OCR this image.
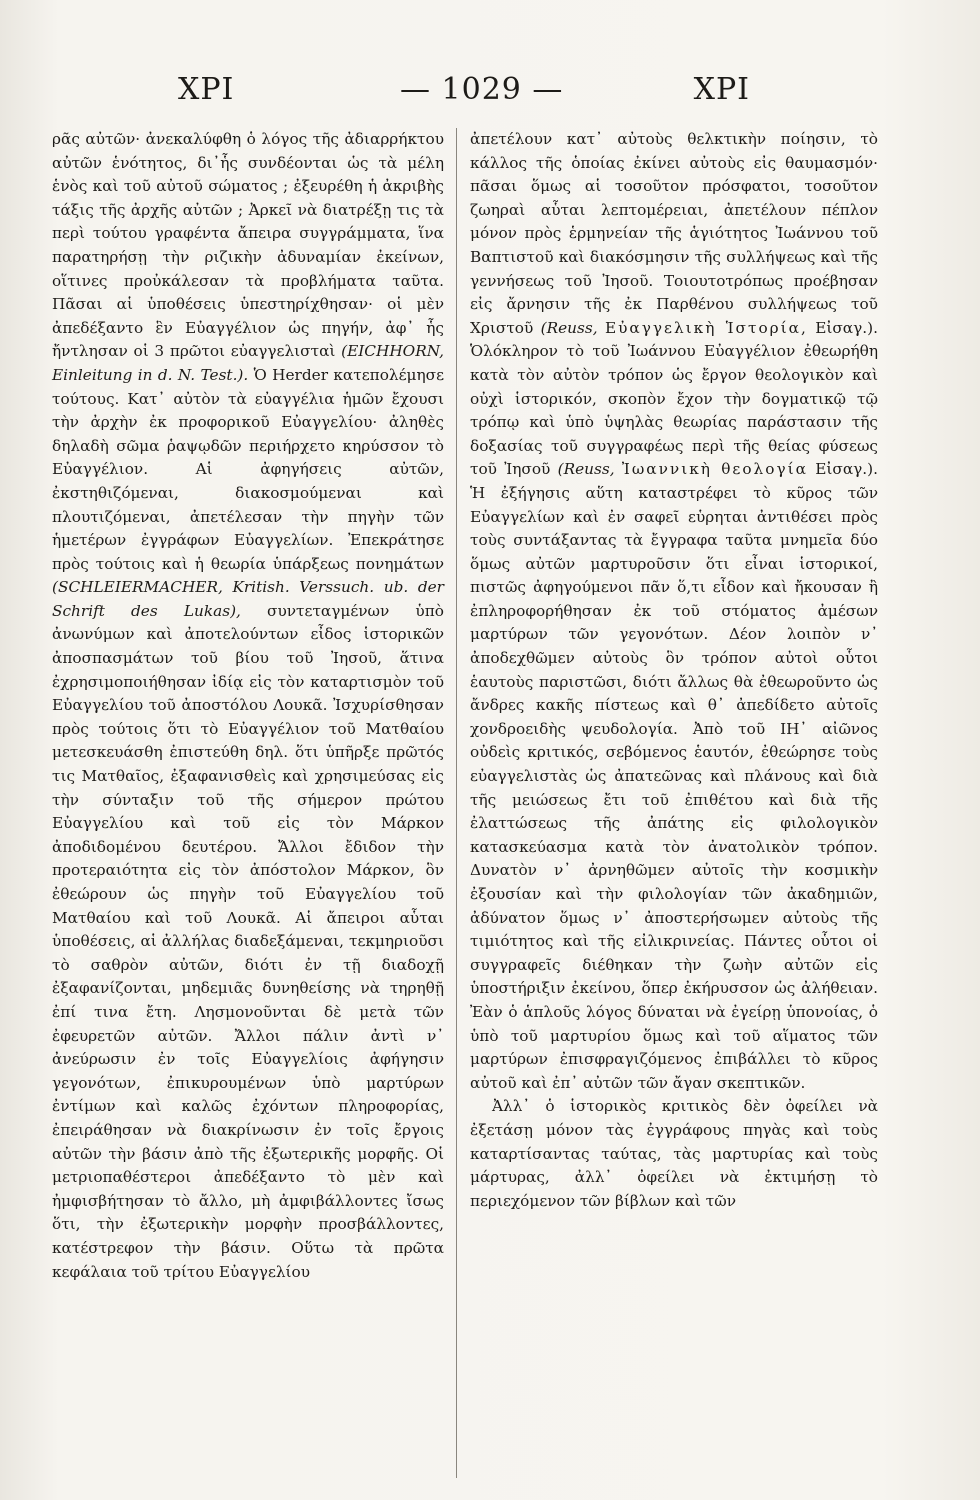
ΧΡΙ	— 1029 —	ΧΡΙ

ρᾶς αὐτῶν· ἀνεκαλύφθη ὁ λόγος τῆς ἀδιαρρήκτου αὐτῶν ἑνότητος, δι᾽ἧς συνδέονται ὡς τὰ μέλη ἑνὸς καὶ τοῦ αὐτοῦ σώματος ; ἐξευρέθη ἡ ἀκριβὴς τάξις τῆς ἀρχῆς αὐτῶν ; Ἀρκεῖ νὰ διατρέξῃ τις τὰ περὶ τούτου γραφέντα ἄπειρα συγγράμματα, ἵνα παρατηρήσῃ τὴν ριζικὴν ἀδυναμίαν ἐκείνων, οἵτινες προὐκάλεσαν τὰ προβλήματα ταῦτα. Πᾶσαι αἱ ὑποθέσεις ὑπεστηρίχθησαν· οἱ μὲν ἀπεδέξαντο ἓν Εὐαγγέλιον ὡς πηγήν, ἀφ᾽ ἧς ἤντλησαν οἱ 3 πρῶτοι εὐαγγελισταὶ (EICHHORN, Einleitung in d. N. Test.). Ὁ Herder κατεπολέμησε τούτους. Κατ᾽ αὐτὸν τὰ εὐαγγέλια ἡμῶν ἔχουσι τὴν ἀρχὴν ἐκ προφορικοῦ Εὐαγγελίου· ἀληθὲς δηλαδὴ σῶμα ῥαψῳδῶν περιήρχετο κηρύσσον τὸ Εὐαγγέλιον. Αἱ ἀφηγήσεις αὐτῶν, ἐκστηθιζόμεναι, διακοσμούμεναι καὶ πλουτιζόμεναι, ἀπετέλεσαν τὴν πηγὴν τῶν ἡμετέρων ἐγγράφων Εὐαγγελίων. Ἐπεκράτησε πρὸς τούτοις καὶ ἡ θεωρία ὑπάρξεως πονημάτων (SCHLEIERMACHER, Kritish. Verssuch. ub. der Schrift des Lukas), συντεταγμένων ὑπὸ ἀνωνύμων καὶ ἀποτελούντων εἶδος ἱστορικῶν ἀποσπασμάτων τοῦ βίου τοῦ Ἰησοῦ, ἅτινα ἐχρησιμοποιήθησαν ἰδίᾳ εἰς τὸν καταρτισμὸν τοῦ Εὐαγγελίου τοῦ ἀποστόλου Λουκᾶ. Ἰσχυρίσθησαν πρὸς τούτοις ὅτι τὸ Εὐαγγέλιον τοῦ Ματθαίου μετεσκευάσθη ἐπιστεύθη δηλ. ὅτι ὑπῆρξε πρῶτός τις Ματθαῖος, ἐξαφανισθεὶς καὶ χρησιμεύσας εἰς τὴν σύνταξιν τοῦ τῆς σήμερον πρώτου Εὐαγγελίου καὶ τοῦ εἰς τὸν Μάρκον ἀποδιδομένου δευτέρου. Ἄλλοι ἔδιδον τὴν προτεραιότητα εἰς τὸν ἀπόστολον Μάρκον, ὃν ἐθεώρουν ὡς πηγὴν τοῦ Εὐαγγελίου τοῦ Ματθαίου καὶ τοῦ Λουκᾶ. Αἱ ἄπειροι αὗται ὑποθέσεις, αἱ ἀλλήλας διαδεξάμεναι, τεκμηριοῦσι τὸ σαθρὸν αὐτῶν, διότι ἐν τῇ διαδοχῇ ἐξαφανίζονται, μηδεμιᾶς δυνηθείσης νὰ τηρηθῇ ἐπί τινα ἔτη. Λησμονοῦνται δὲ μετὰ τῶν ἐφευρετῶν αὐτῶν. Ἄλλοι πάλιν ἀντὶ ν᾽ ἀνεύρωσιν ἐν τοῖς Εὐαγγελίοις ἀφήγησιν γεγονότων, ἐπικυρουμένων ὑπὸ μαρτύρων ἐντίμων καὶ καλῶς ἐχόντων πληροφορίας, ἐπειράθησαν νὰ διακρίνωσιν ἐν τοῖς ἔργοις αὐτῶν τὴν βάσιν ἀπὸ τῆς ἐξωτερικῆς μορφῆς. Οἱ μετριοπαθέστεροι ἀπεδέξαντο τὸ μὲν καὶ ἠμφισβήτησαν τὸ ἄλλο, μὴ ἀμφιβάλλοντες ἴσως ὅτι, τὴν ἐξωτερικὴν μορφὴν προσβάλλοντες, κατέστρεφον τὴν βάσιν. Οὕτω τὰ πρῶτα κεφάλαια τοῦ τρίτου Εὐαγγελίου

ἀπετέλουν κατ᾽ αὐτοὺς θελκτικὴν ποίησιν, τὸ κάλλος τῆς ὁποίας ἐκίνει αὐτοὺς εἰς θαυμασμόν· πᾶσαι ὅμως αἱ τοσοῦτον πρόσφατοι, τοσοῦτον ζωηραὶ αὗται λεπτομέρειαι, ἀπετέλουν πέπλον μόνον πρὸς ἑρμηνείαν τῆς ἁγιότητος Ἰωάννου τοῦ Βαπτιστοῦ καὶ διακόσμησιν τῆς συλλήψεως καὶ τῆς γεννήσεως τοῦ Ἰησοῦ. Τοιουτοτρόπως προέβησαν εἰς ἄρνησιν τῆς ἐκ Παρθένου συλλήψεως τοῦ Χριστοῦ (Reuss, Εὐαγγελικὴ Ἱστορία, Εἰσαγ.). Ὁλόκληρον τὸ τοῦ Ἰωάννου Εὐαγγέλιον ἐθεωρήθη κατὰ τὸν αὐτὸν τρόπον ὡς ἔργον θεολογικὸν καὶ οὐχὶ ἱστορικόν, σκοπὸν ἔχον τὴν δογματικῷ τῷ τρόπῳ καὶ ὑπὸ ὑψηλὰς θεωρίας παράστασιν τῆς δοξασίας τοῦ συγγραφέως περὶ τῆς θείας φύσεως τοῦ Ἰησοῦ (Reuss, Ἰωαννικὴ θεολογία Εἰσαγ.). Ἡ ἐξήγησις αὕτη καταστρέφει τὸ κῦρος τῶν Εὐαγγελίων καὶ ἐν σαφεῖ εὑρηται ἀντιθέσει πρὸς τοὺς συντάξαντας τὰ ἔγγραφα ταῦτα μνημεῖα δύο ὅμως αὐτῶν μαρτυροῦσιν ὅτι εἶναι ἱστορικοί, πιστῶς ἀφηγούμενοι πᾶν ὅ,τι εἶδον καὶ ἤκουσαν ἢ ἐπληροφορήθησαν ἐκ τοῦ στόματος ἀμέσων μαρτύρων τῶν γεγονότων. Δέον λοιπὸν ν᾽ ἀποδεχθῶμεν αὐτοὺς ὃν τρόπον αὐτοὶ οὗτοι ἑαυτοὺς παριστῶσι, διότι ἄλλως θὰ ἐθεωροῦντο ὡς ἄνδρες κακῆς πίστεως καὶ θ᾽ ἀπεδίδετο αὐτοῖς χονδροειδὴς ψευδολογία. Ἀπὸ τοῦ ΙΗ᾽ αἰῶνος οὐδεὶς κριτικός, σεβόμενος ἑαυτόν, ἐθεώρησε τοὺς εὐαγγελιστὰς ὡς ἀπατεῶνας καὶ πλάνους καὶ διὰ τῆς μειώσεως ἔτι τοῦ ἐπιθέτου καὶ διὰ τῆς ἐλαττώσεως τῆς ἀπάτης εἰς φιλολογικὸν κατασκεύασμα κατὰ τὸν ἀνατολικὸν τρόπον. Δυνατὸν ν᾽ ἀρνηθῶμεν αὐτοῖς τὴν κοσμικὴν ἐξουσίαν καὶ τὴν φιλολογίαν τῶν ἀκαδημιῶν, ἀδύνατον ὅμως ν᾽ ἀποστερήσωμεν αὐτοὺς τῆς τιμιότητος καὶ τῆς εἰλικρινείας. Πάντες οὗτοι οἱ συγγραφεῖς διέθηκαν τὴν ζωὴν αὐτῶν εἰς ὑποστήριξιν ἐκείνου, ὅπερ ἐκήρυσσον ὡς ἀλήθειαν. Ἐὰν ὁ ἁπλοῦς λόγος δύναται νὰ ἐγείρῃ ὑπονοίας, ὁ ὑπὸ τοῦ μαρτυρίου ὅμως καὶ τοῦ αἵματος τῶν μαρτύρων ἐπισφραγιζόμενος ἐπιβάλλει τὸ κῦρος αὐτοῦ καὶ ἐπ᾽ αὐτῶν τῶν ἄγαν σκεπτικῶν.

Ἀλλ᾽ ὁ ἱστορικὸς κριτικὸς δὲν ὀφείλει νὰ ἐξετάσῃ μόνον τὰς ἐγγράφους πηγὰς καὶ τοὺς καταρτίσαντας ταύτας, τὰς μαρτυρίας καὶ τοὺς μάρτυρας, ἀλλ᾽ ὀφείλει νὰ ἐκτιμήσῃ τὸ περιεχόμενον τῶν βίβλων καὶ τῶν
